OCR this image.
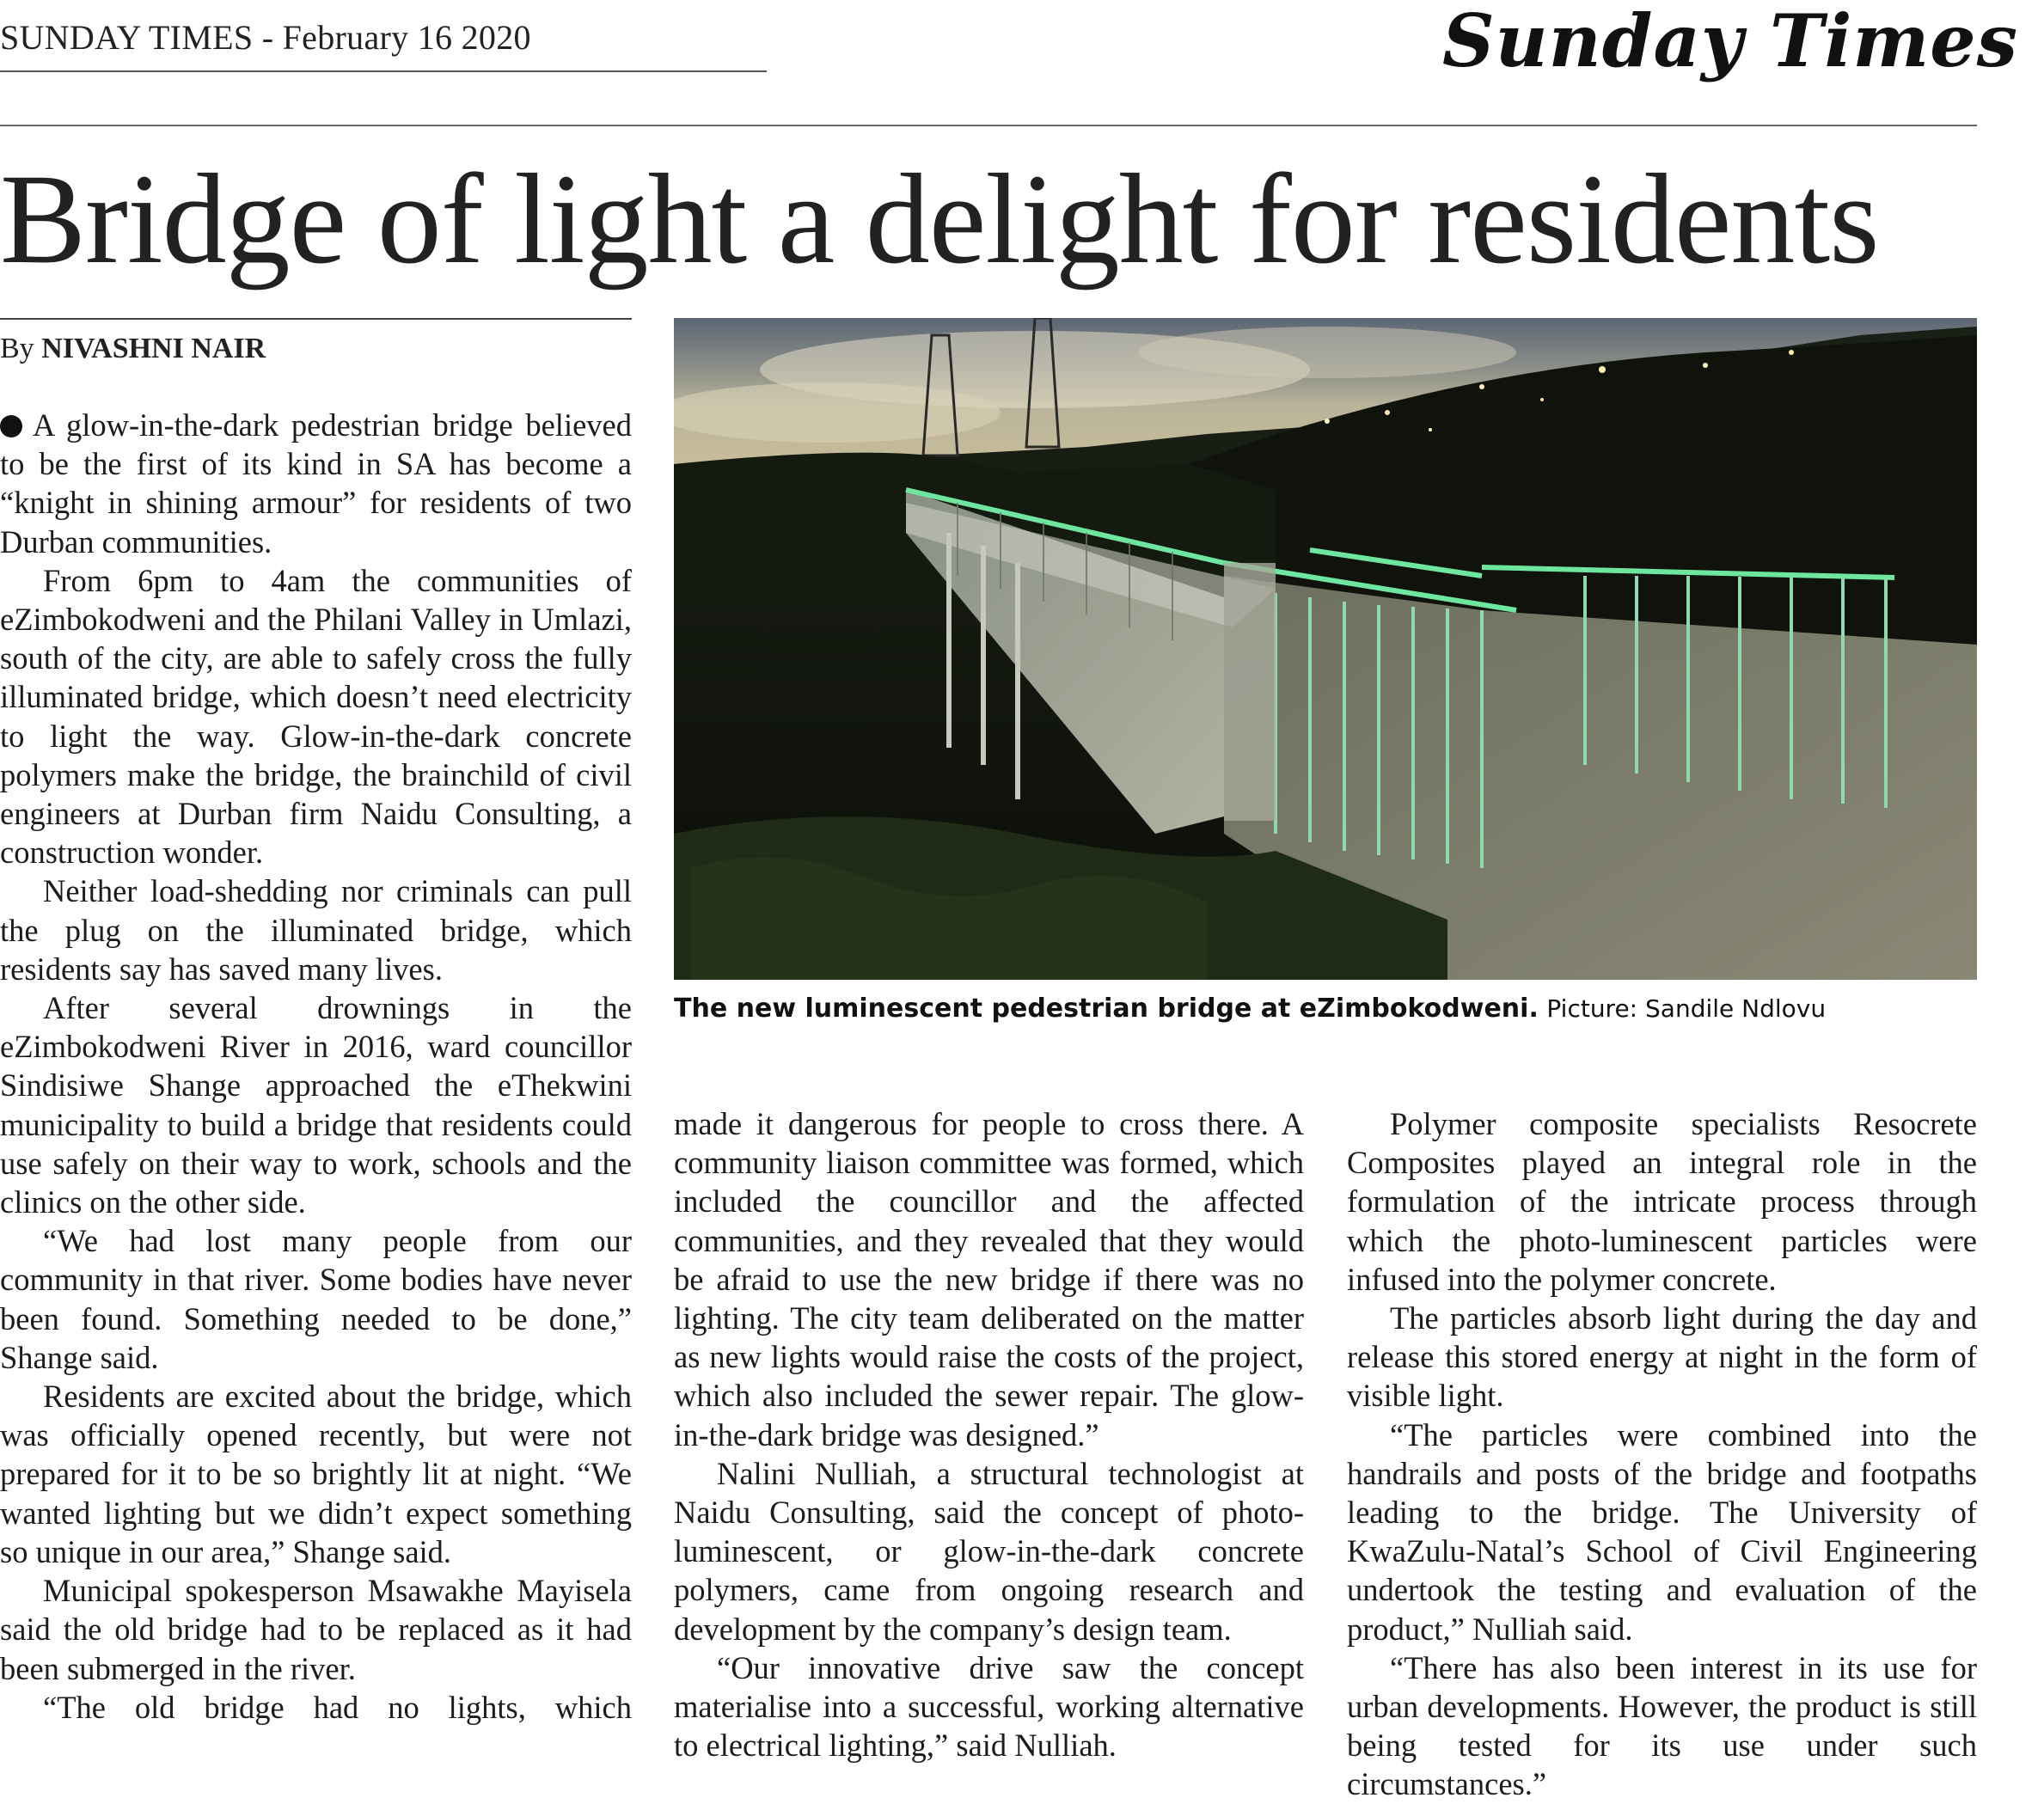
SUNDAY TIMES - February 16 2020	Sunday Times
Bridge of light a delight for residents
By NIVASHNI NAIR

A glow-in-the-dark pedestrian bridge believed to be the first of its kind in SA has become a “knight in shining armour” for residents of two Durban communities.

From 6pm to 4am the communities of eZimbokodweni and the Philani Valley in Umlazi, south of the city, are able to safely cross the fully illuminated bridge, which doesn’t need electricity to light the way. Glow-in-the-dark concrete polymers make the bridge, the brainchild of civil engineers at Durban firm Naidu Consulting, a construction wonder.

Neither load-shedding nor criminals can pull the plug on the illuminated bridge, which residents say has saved many lives.

After several drownings in the eZimbokodweni River in 2016, ward councillor Sindisiwe Shange approached the eThekwini municipality to build a bridge that residents could use safely on their way to work, schools and the clinics on the other side.

“We had lost many people from our community in that river. Some bodies have never been found. Something needed to be done,” Shange said.

Residents are excited about the bridge, which was officially opened recently, but were not prepared for it to be so brightly lit at night. “We wanted lighting but we didn’t expect something so unique in our area,” Shange said.

Municipal spokesperson Msawakhe Mayisela said the old bridge had to be replaced as it had been submerged in the river.

“The old bridge had no lights, which

The new luminescent pedestrian bridge at eZimbokodweni. Picture: Sandile Ndlovu

made it dangerous for people to cross there. A community liaison committee was formed, which included the councillor and the affected communities, and they revealed that they would be afraid to use the new bridge if there was no lighting. The city team deliberated on the matter as new lights would raise the costs of the project, which also included the sewer repair. The glow-in-the-dark bridge was designed.”

Nalini Nulliah, a structural technologist at Naidu Consulting, said the concept of photo-luminescent, or glow-in-the-dark concrete polymers, came from ongoing research and development by the company’s design team.

“Our innovative drive saw the concept materialise into a successful, working alternative to electrical lighting,” said Nulliah.

Polymer composite specialists Resocrete Composites played an integral role in the formulation of the intricate process through which the photo-luminescent particles were infused into the polymer concrete.

The particles absorb light during the day and release this stored energy at night in the form of visible light.

“The particles were combined into the handrails and posts of the bridge and footpaths leading to the bridge. The University of KwaZulu-Natal’s School of Civil Engineering undertook the testing and evaluation of the product,” Nulliah said.

“There has also been interest in its use for urban developments. However, the product is still being tested for its use under such circumstances.”
